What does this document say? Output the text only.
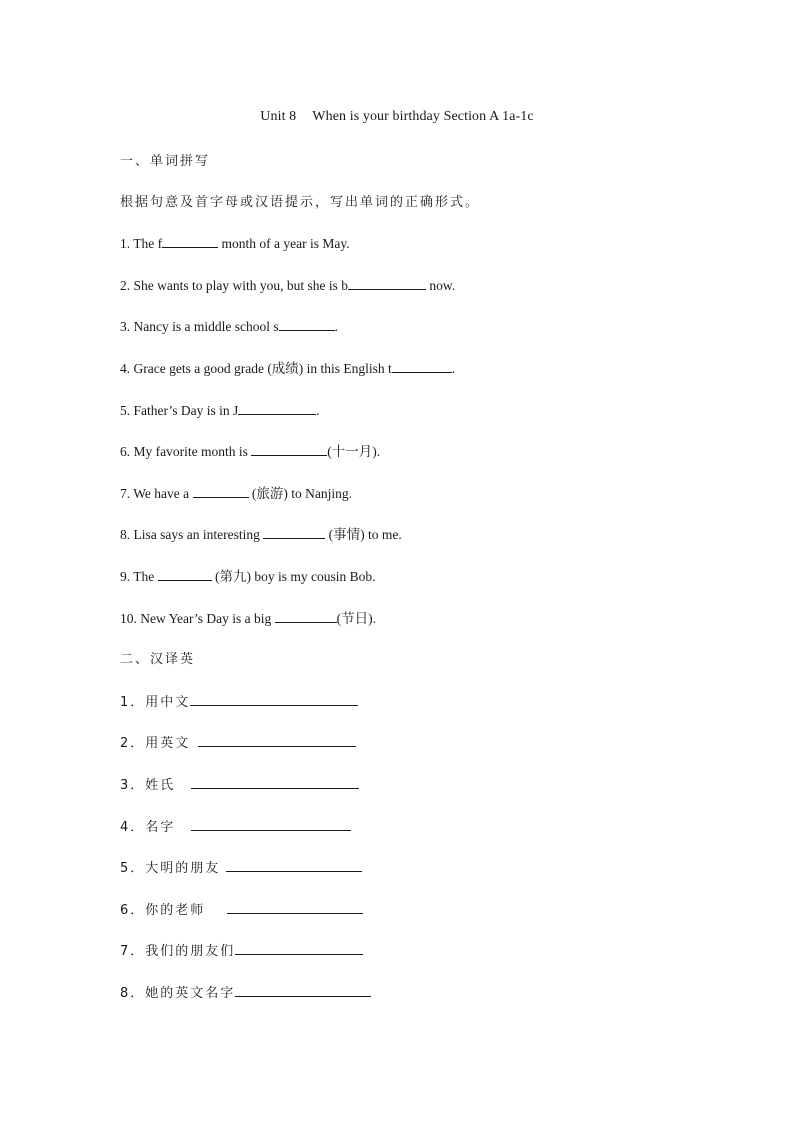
Unit 8 When is your birthday Section A 1a-1c
一、单词拼写
根据句意及首字母或汉语提示，写出单词的正确形式。
1. The f	month of a year is May.
2. She wants to play with you, but she is b	now.
3. Nancy is a middle school s	.
4. Grace gets a good grade (成绩) in this English t	.
5. Father’s Day is in J	.
6. My favorite month is	(十一月).
7. We have a	(旅游) to Nanjing.
8. Lisa says an interesting	(事情) to me.
9. The	(第九) boy is my cousin Bob.
10. New Year’s Day is a big	(节日).
二、汉译英
1．用中文
2．用英文
3．姓氏
4．名字
5．大明的朋友
6．你的老师
7．我们的朋友们
8．她的英文名字
